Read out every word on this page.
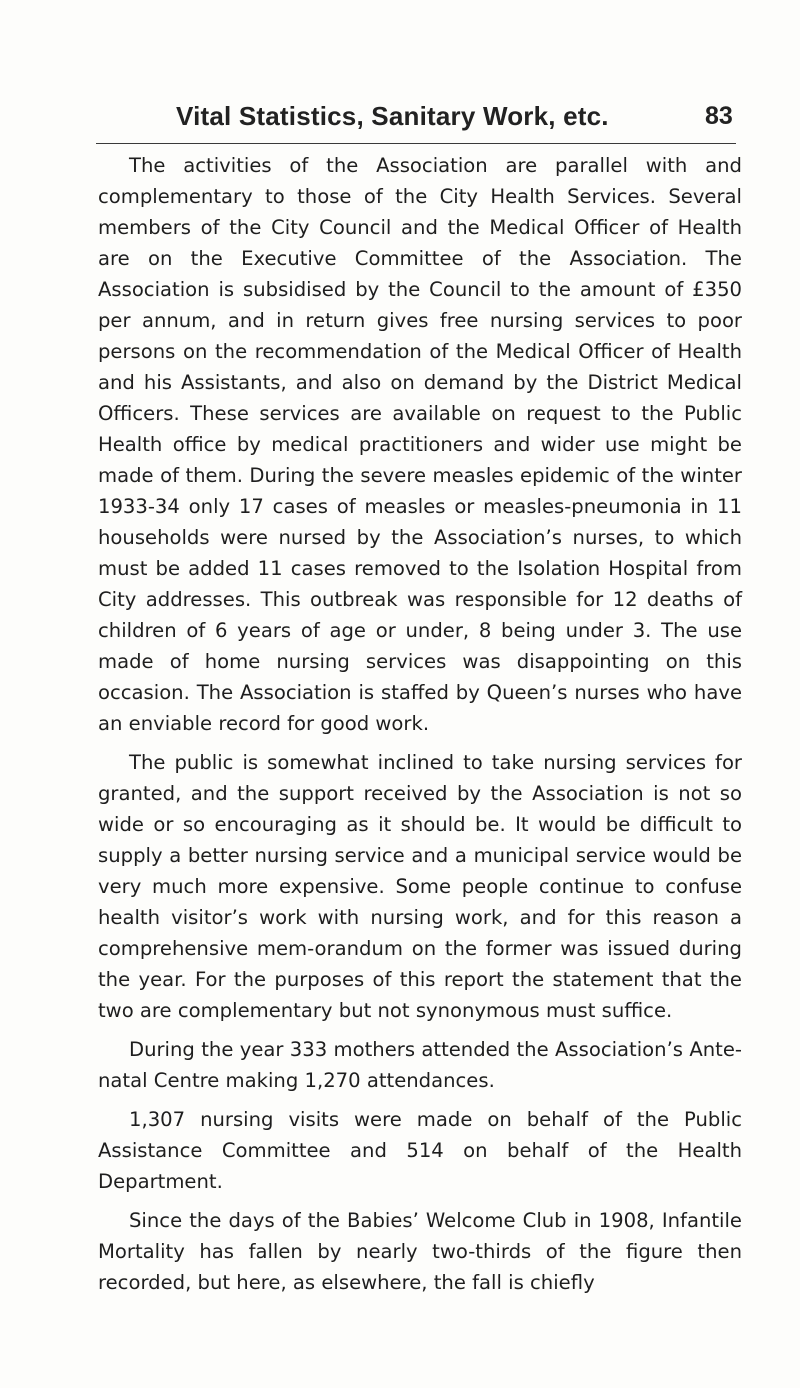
Vital Statistics, Sanitary Work, etc.	83

The activities of the Association are parallel with and complementary to those of the City Health Services. Several members of the City Council and the Medical Officer of Health are on the Executive Committee of the Association. The Association is subsidised by the Council to the amount of £350 per annum, and in return gives free nursing services to poor persons on the recommendation of the Medical Officer of Health and his Assistants, and also on demand by the District Medical Officers. These services are available on request to the Public Health office by medical practitioners and wider use might be made of them. During the severe measles epidemic of the winter 1933-34 only 17 cases of measles or measles-pneumonia in 11 households were nursed by the Association’s nurses, to which must be added 11 cases removed to the Isolation Hospital from City addresses. This outbreak was responsible for 12 deaths of children of 6 years of age or under, 8 being under 3. The use made of home nursing services was disappointing on this occasion. The Association is staffed by Queen’s nurses who have an enviable record for good work.

The public is somewhat inclined to take nursing services for granted, and the support received by the Association is not so wide or so encouraging as it should be. It would be difficult to supply a better nursing service and a municipal service would be very much more expensive. Some people continue to confuse health visitor’s work with nursing work, and for this reason a comprehensive mem-orandum on the former was issued during the year. For the purposes of this report the statement that the two are complementary but not synonymous must suffice.

During the year 333 mothers attended the Association’s Ante-natal Centre making 1,270 attendances.

1,307 nursing visits were made on behalf of the Public Assistance Committee and 514 on behalf of the Health Department.

Since the days of the Babies’ Welcome Club in 1908, Infantile Mortality has fallen by nearly two-thirds of the figure then recorded, but here, as elsewhere, the fall is chiefly
